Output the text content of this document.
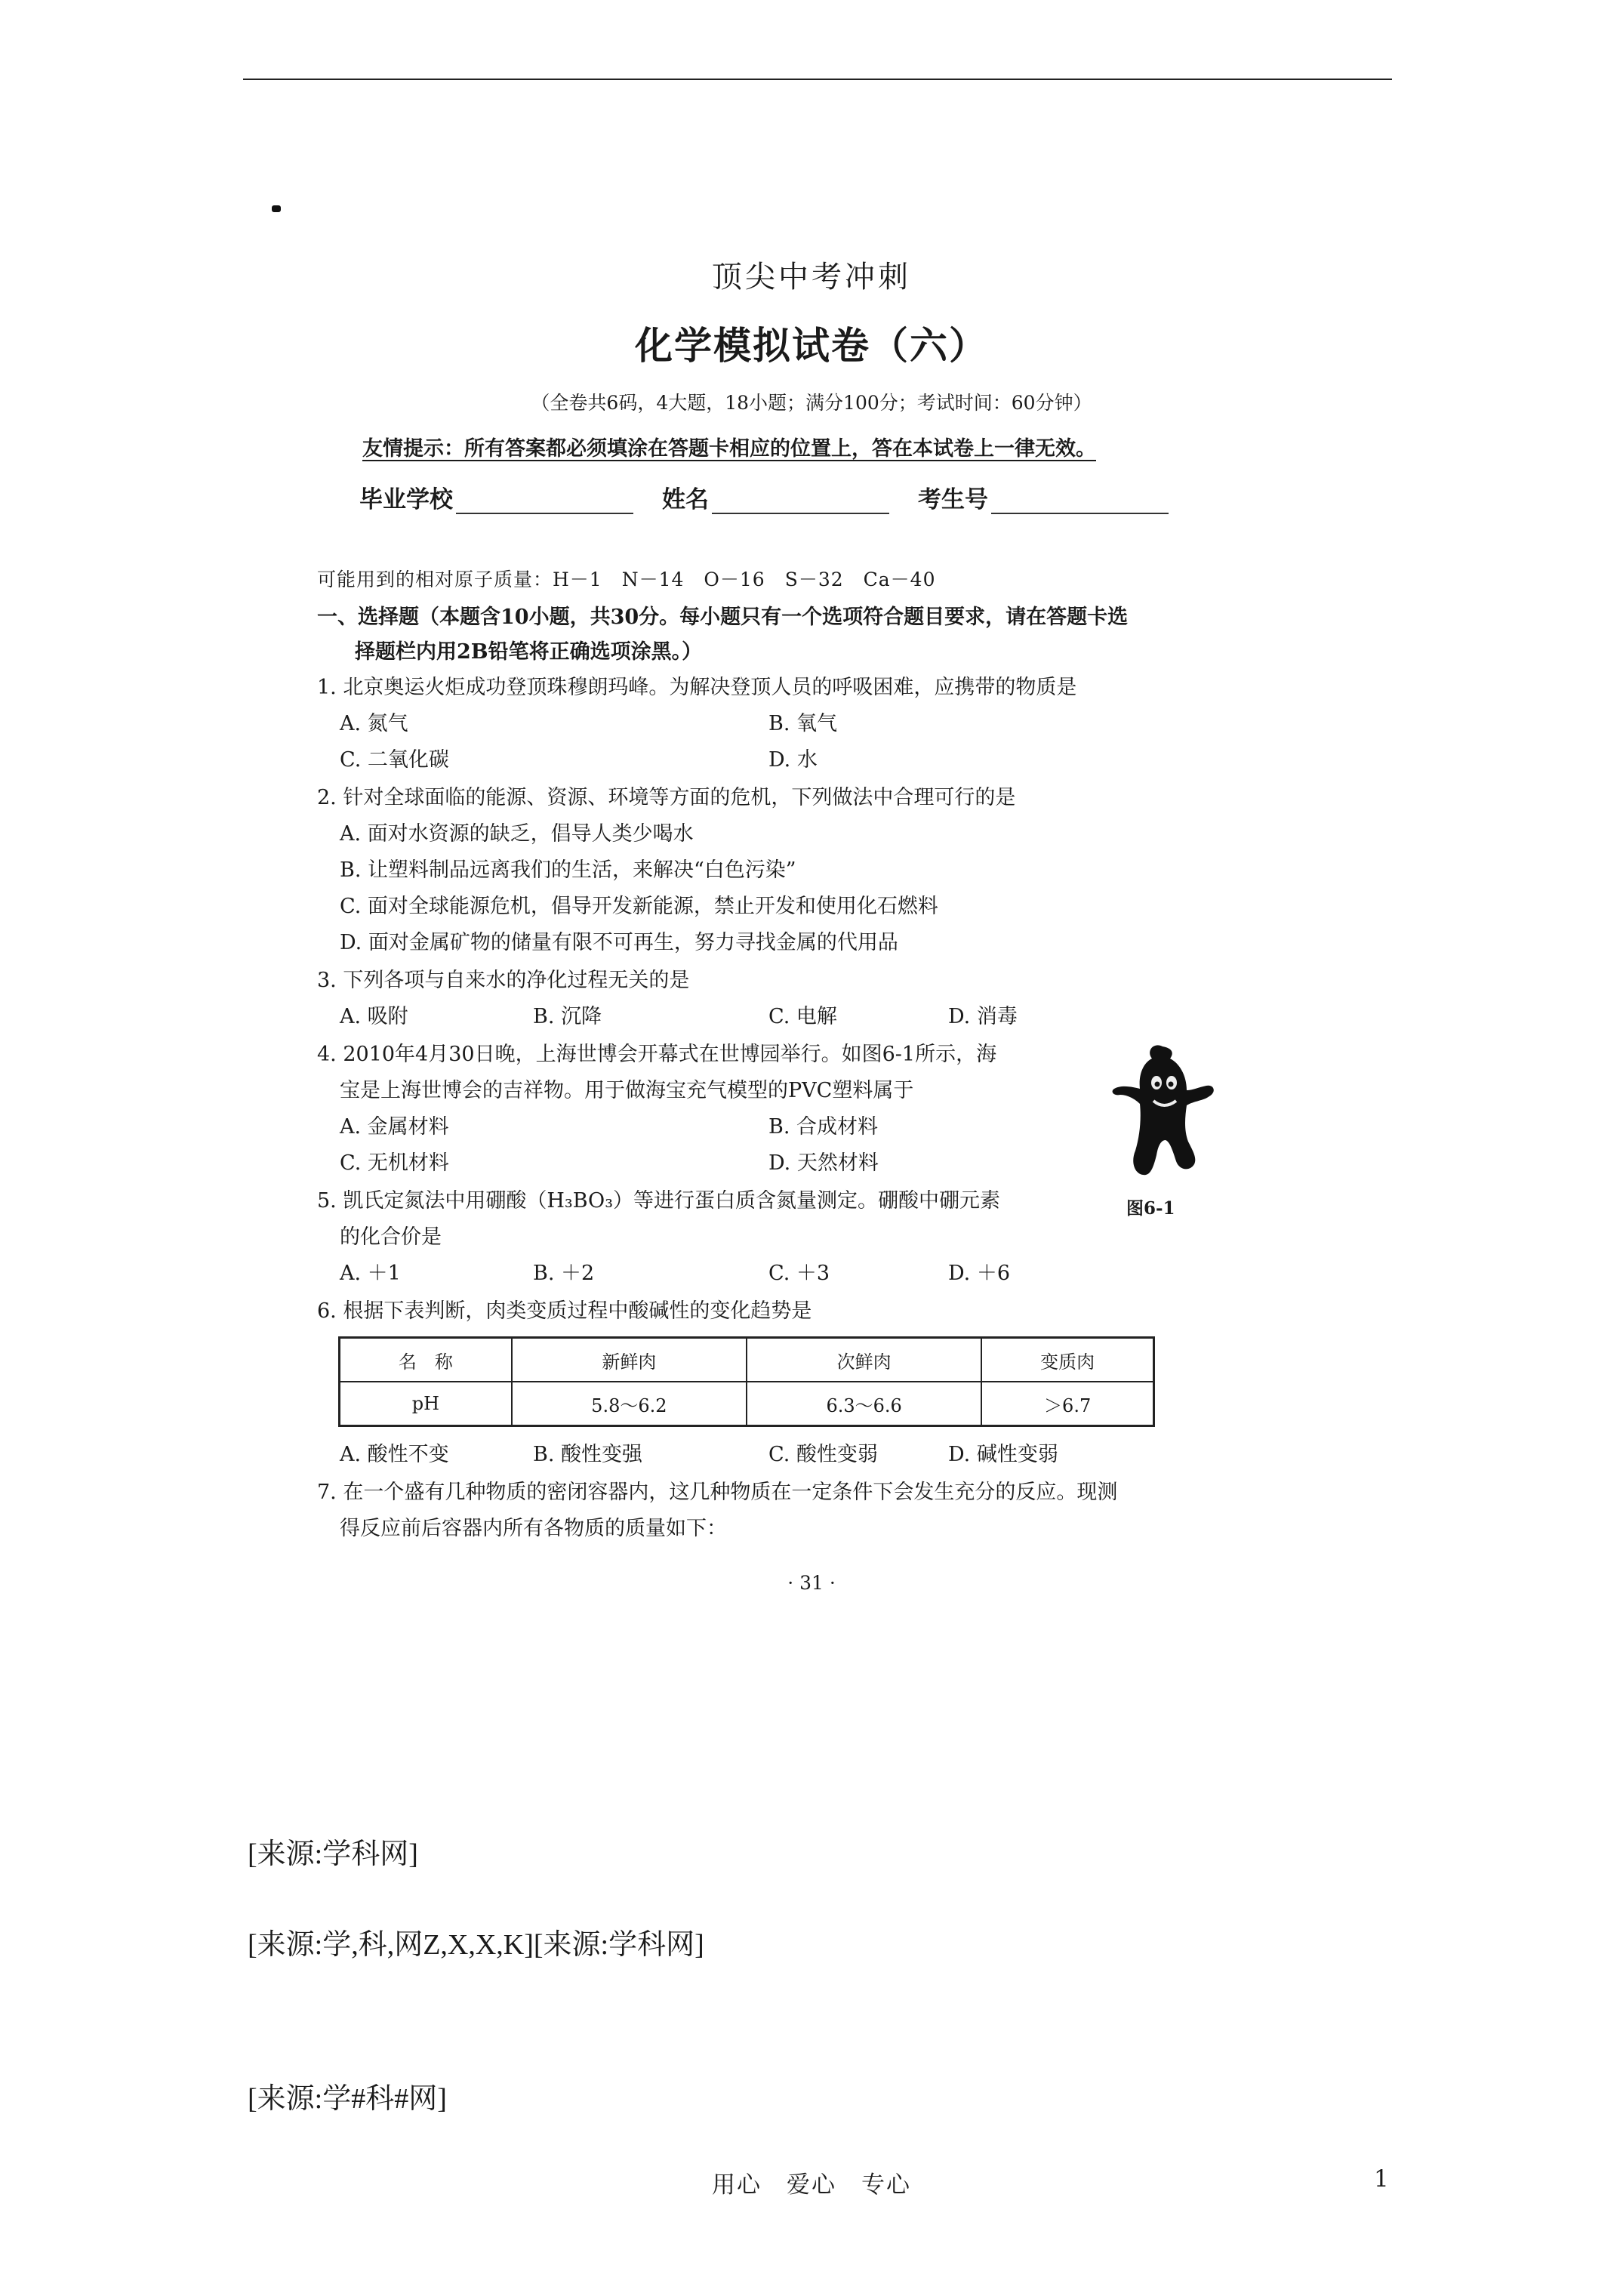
顶尖中考冲刺
化学模拟试卷（六）
（全卷共6码，4大题，18小题；满分100分；考试时间：60分钟）
友情提示：所有答案都必须填涂在答题卡相应的位置上，答在本试卷上一律无效。
毕业学校	姓名	考生号
可能用到的相对原子质量：H－1　N－14　O－16　S－32　Ca－40
一、选择题（本题含10小题，共30分。每小题只有一个选项符合题目要求，请在答题卡选
择题栏内用2B铅笔将正确选项涂黑。）
1. 北京奥运火炬成功登顶珠穆朗玛峰。为解决登顶人员的呼吸困难，应携带的物质是
A. 氮气	B. 氧气
C. 二氧化碳	D. 水
2. 针对全球面临的能源、资源、环境等方面的危机，下列做法中合理可行的是
A. 面对水资源的缺乏，倡导人类少喝水
B. 让塑料制品远离我们的生活，来解决“白色污染”
C. 面对全球能源危机，倡导开发新能源，禁止开发和使用化石燃料
D. 面对金属矿物的储量有限不可再生，努力寻找金属的代用品
3. 下列各项与自来水的净化过程无关的是
A. 吸附	B. 沉降	C. 电解	D. 消毒
4. 2010年4月30日晚，上海世博会开幕式在世博园举行。如图6-1所示，海
宝是上海世博会的吉祥物。用于做海宝充气模型的PVC塑料属于
A. 金属材料	B. 合成材料
C. 无机材料	D. 天然材料
图6-1
5. 凯氏定氮法中用硼酸（H₃BO₃）等进行蛋白质含氮量测定。硼酸中硼元素
的化合价是
A. ＋1	B. ＋2	C. ＋3	D. ＋6
6. 根据下表判断，肉类变质过程中酸碱性的变化趋势是
名　称	新鲜肉	次鲜肉	变质肉
pH	5.8～6.2	6.3～6.6	＞6.7
A. 酸性不变	B. 酸性变强	C. 酸性变弱	D. 碱性变弱
7. 在一个盛有几种物质的密闭容器内，这几种物质在一定条件下会发生充分的反应。现测
得反应前后容器内所有各物质的质量如下：
· 31 ·
[来源:学科网]
[来源:学,科,网Z,X,X,K][来源:学科网]
[来源:学#科#网]
用心　爱心　专心	1
